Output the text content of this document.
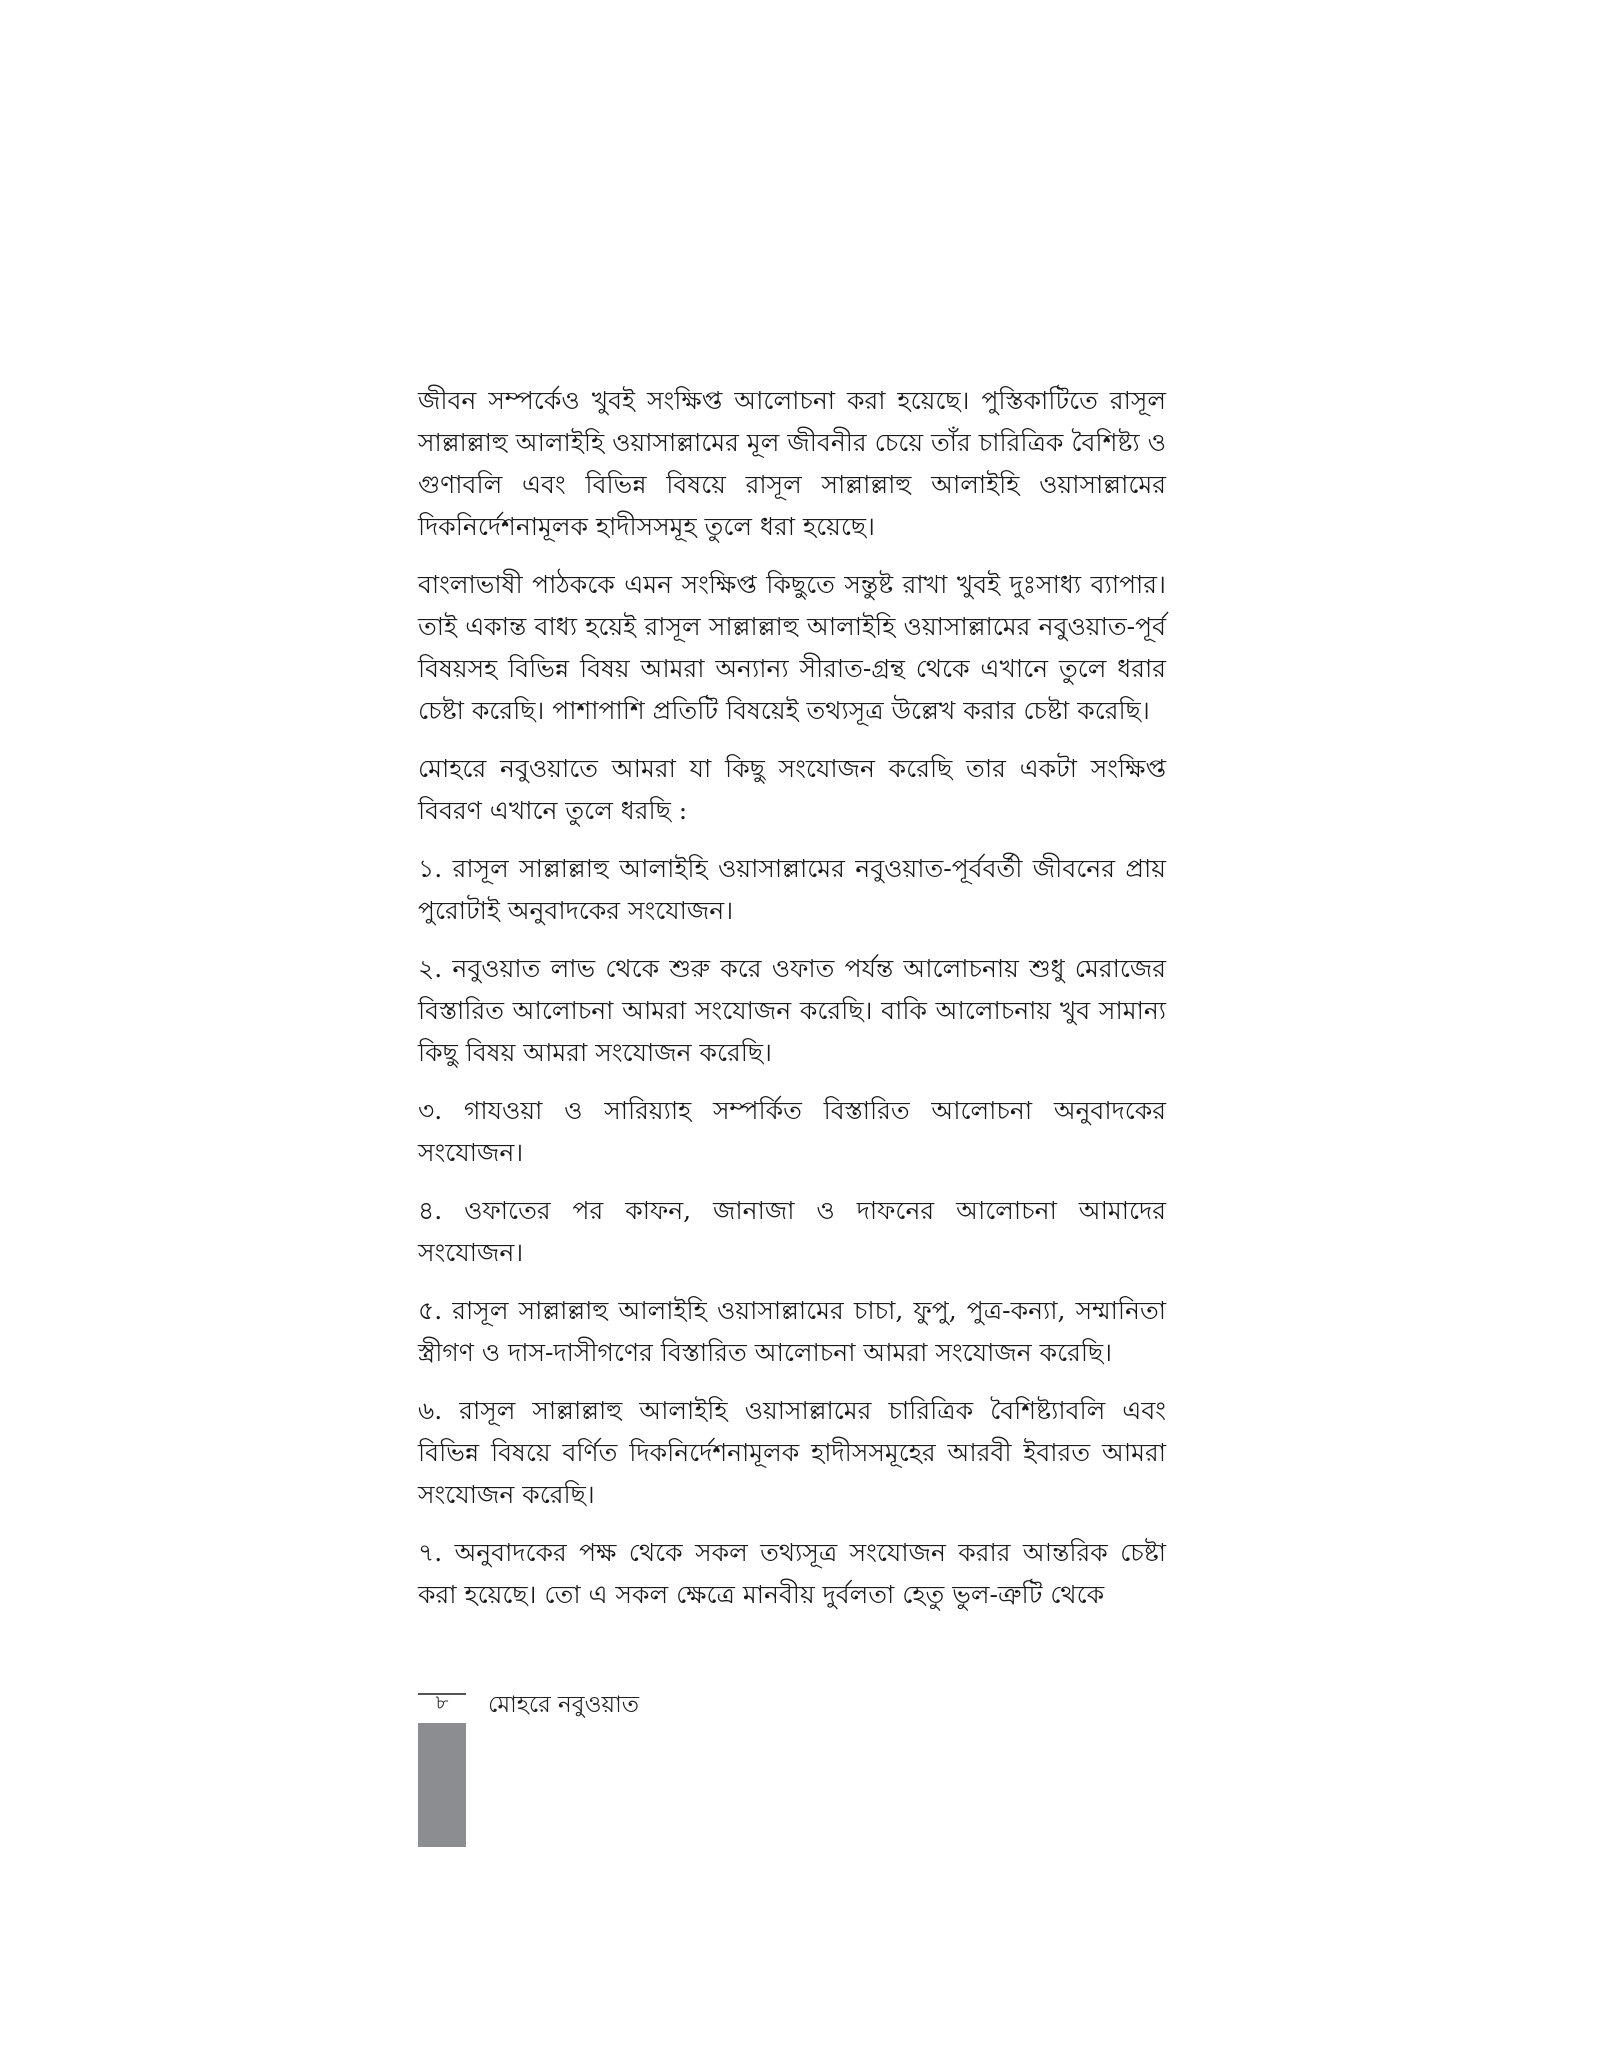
জীবন সম্পর্কেও খুবই সংক্ষিপ্ত আলোচনা করা হয়েছে। পুস্তিকাটিতে রাসূল সাল্লাল্লাহু আলাইহি ওয়াসাল্লামের মূল জীবনীর চেয়ে তাঁর চারিত্রিক বৈশিষ্ট্য ও গুণাবলি এবং বিভিন্ন বিষয়ে রাসূল সাল্লাল্লাহু আলাইহি ওয়াসাল্লামের দিকনির্দেশনামূলক হাদীসসমূহ তুলে ধরা হয়েছে।

বাংলাভাষী পাঠককে এমন সংক্ষিপ্ত কিছুতে সন্তুষ্ট রাখা খুবই দুঃসাধ্য ব্যাপার। তাই একান্ত বাধ্য হয়েই রাসূল সাল্লাল্লাহু আলাইহি ওয়াসাল্লামের নবুওয়াত-পূর্ব বিষয়সহ বিভিন্ন বিষয় আমরা অন্যান্য সীরাত-গ্রন্থ থেকে এখানে তুলে ধরার চেষ্টা করেছি। পাশাপাশি প্রতিটি বিষয়েই তথ্যসূত্র উল্লেখ করার চেষ্টা করেছি।

মোহরে নবুওয়াতে আমরা যা কিছু সংযোজন করেছি তার একটা সংক্ষিপ্ত বিবরণ এখানে তুলে ধরছি :

১. রাসূল সাল্লাল্লাহু আলাইহি ওয়াসাল্লামের নবুওয়াত-পূর্ববর্তী জীবনের প্রায় পুরোটাই অনুবাদকের সংযোজন।

২. নবুওয়াত লাভ থেকে শুরু করে ওফাত পর্যন্ত আলোচনায় শুধু মেরাজের বিস্তারিত আলোচনা আমরা সংযোজন করেছি। বাকি আলোচনায় খুব সামান্য কিছু বিষয় আমরা সংযোজন করেছি।

৩. গাযওয়া ও সারিয়্যাহ সম্পর্কিত বিস্তারিত আলোচনা অনুবাদকের সংযোজন।

৪. ওফাতের পর কাফন, জানাজা ও দাফনের আলোচনা আমাদের সংযোজন।

৫. রাসূল সাল্লাল্লাহু আলাইহি ওয়াসাল্লামের চাচা, ফুপু, পুত্র-কন্যা, সম্মানিতা স্ত্রীগণ ও দাস-দাসীগণের বিস্তারিত আলোচনা আমরা সংযোজন করেছি।

৬. রাসূল সাল্লাল্লাহু আলাইহি ওয়াসাল্লামের চারিত্রিক বৈশিষ্ট্যাবলি এবং বিভিন্ন বিষয়ে বর্ণিত দিকনির্দেশনামূলক হাদীসসমূহের আরবী ইবারত আমরা সংযোজন করেছি।

৭. অনুবাদকের পক্ষ থেকে সকল তথ্যসূত্র সংযোজন করার আন্তরিক চেষ্টা করা হয়েছে। তো এ সকল ক্ষেত্রে মানবীয় দুর্বলতা হেতু ভুল-ত্রুটি থেকে

৮	মোহরে নবুওয়াত
